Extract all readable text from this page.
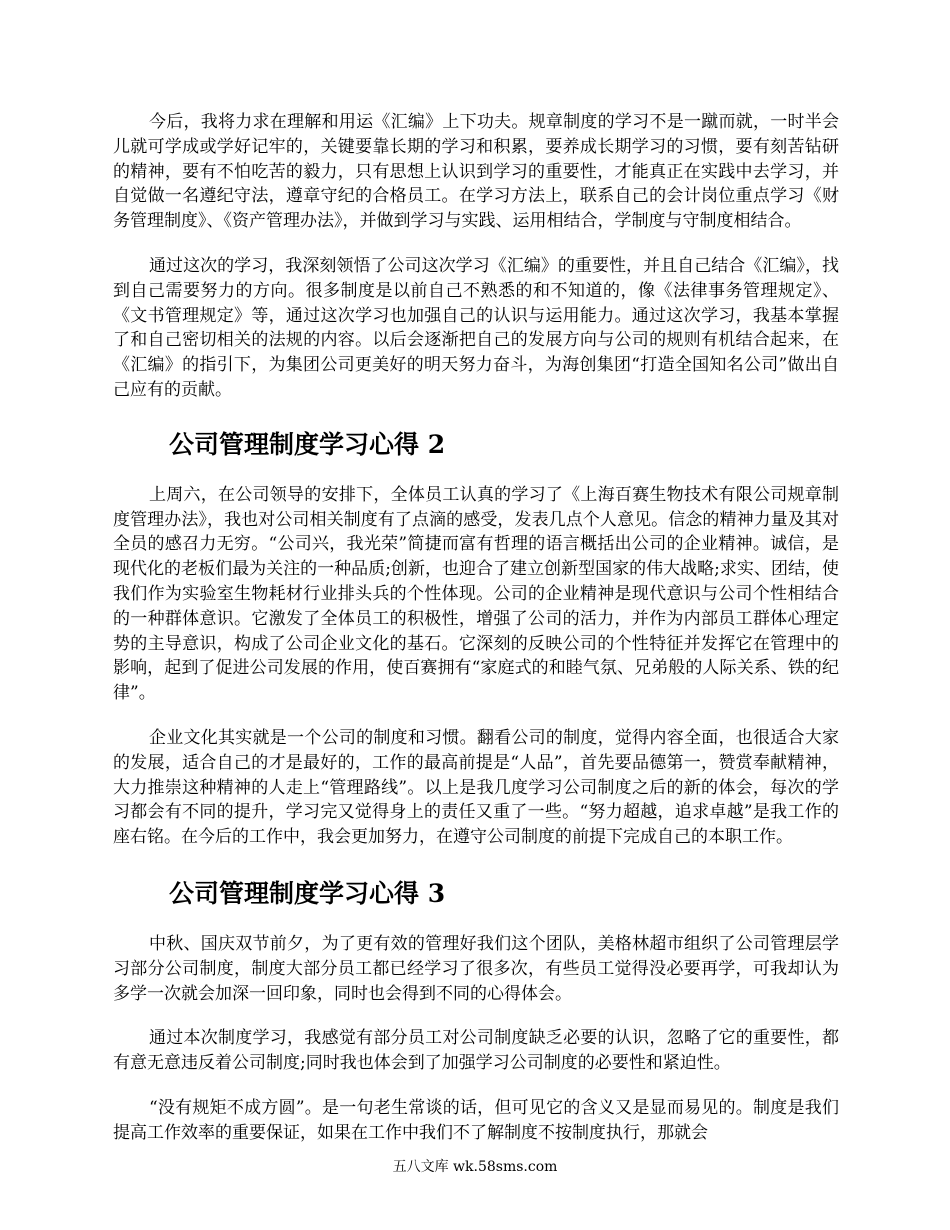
今后，我将力求在理解和用运《汇编》上下功夫。规章制度的学习不是一蹴而就，一时半会儿就可学成或学好记牢的，关键要靠长期的学习和积累，要养成长期学习的习惯，要有刻苦钻研的精神，要有不怕吃苦的毅力，只有思想上认识到学习的重要性，才能真正在实践中去学习，并自觉做一名遵纪守法，遵章守纪的合格员工。在学习方法上，联系自己的会计岗位重点学习《财务管理制度》、《资产管理办法》，并做到学习与实践、运用相结合，学制度与守制度相结合。

通过这次的学习，我深刻领悟了公司这次学习《汇编》的重要性，并且自己结合《汇编》，找到自己需要努力的方向。很多制度是以前自己不熟悉的和不知道的，像《法律事务管理规定》、《文书管理规定》等，通过这次学习也加强自己的认识与运用能力。通过这次学习，我基本掌握了和自己密切相关的法规的内容。以后会逐渐把自己的发展方向与公司的规则有机结合起来，在《汇编》的指引下，为集团公司更美好的明天努力奋斗，为海创集团“打造全国知名公司”做出自己应有的贡献。

公司管理制度学习心得 2

上周六，在公司领导的安排下，全体员工认真的学习了《上海百赛生物技术有限公司规章制度管理办法》，我也对公司相关制度有了点滴的感受，发表几点个人意见。信念的精神力量及其对全员的感召力无穷。“公司兴，我光荣”简捷而富有哲理的语言概括出公司的企业精神。诚信，是现代化的老板们最为关注的一种品质;创新，也迎合了建立创新型国家的伟大战略;求实、团结，使我们作为实验室生物耗材行业排头兵的个性体现。公司的企业精神是现代意识与公司个性相结合的一种群体意识。它激发了全体员工的积极性，增强了公司的活力，并作为内部员工群体心理定势的主导意识，构成了公司企业文化的基石。它深刻的反映公司的个性特征并发挥它在管理中的影响，起到了促进公司发展的作用，使百赛拥有“家庭式的和睦气氛、兄弟般的人际关系、铁的纪律”。

企业文化其实就是一个公司的制度和习惯。翻看公司的制度，觉得内容全面，也很适合大家的发展，适合自己的才是最好的，工作的最高前提是“人品”，首先要品德第一，赞赏奉献精神，大力推崇这种精神的人走上“管理路线”。以上是我几度学习公司制度之后的新的体会，每次的学习都会有不同的提升，学习完又觉得身上的责任又重了一些。“努力超越，追求卓越”是我工作的座右铭。在今后的工作中，我会更加努力，在遵守公司制度的前提下完成自己的本职工作。

公司管理制度学习心得 3

中秋、国庆双节前夕，为了更有效的管理好我们这个团队，美格林超市组织了公司管理层学习部分公司制度，制度大部分员工都已经学习了很多次，有些员工觉得没必要再学，可我却认为多学一次就会加深一回印象，同时也会得到不同的心得体会。

通过本次制度学习，我感觉有部分员工对公司制度缺乏必要的认识，忽略了它的重要性，都有意无意违反着公司制度;同时我也体会到了加强学习公司制度的必要性和紧迫性。

“没有规矩不成方圆”。是一句老生常谈的话，但可见它的含义又是显而易见的。制度是我们提高工作效率的重要保证，如果在工作中我们不了解制度不按制度执行，那就会

五八文库 wk.58sms.com
